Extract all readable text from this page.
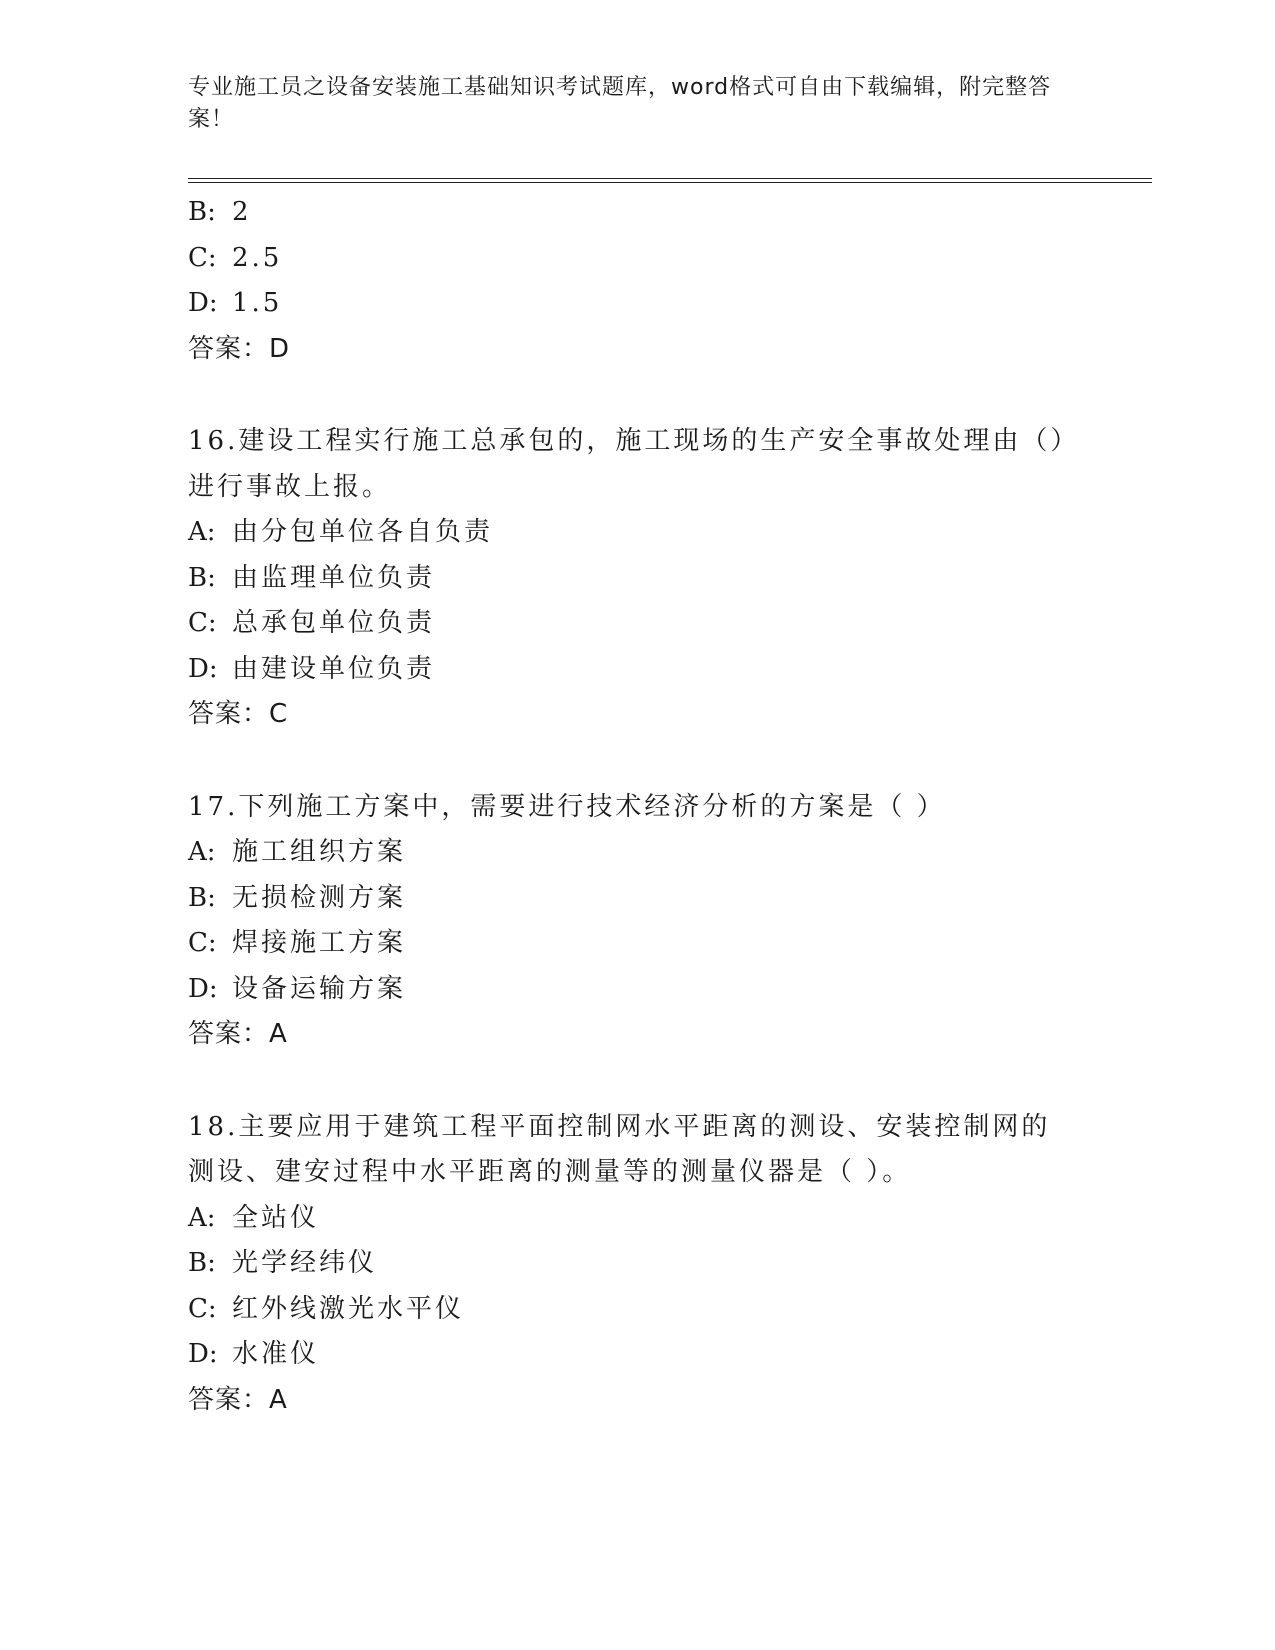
专业施工员之设备安装施工基础知识考试题库，word格式可自由下载编辑，附完整答案！
B: 2
C: 2.5
D: 1.5
答案：D
16.建设工程实行施工总承包的，施工现场的生产安全事故处理由（）进行事故上报。
A: 由分包单位各自负责
B: 由监理单位负责
C: 总承包单位负责
D: 由建设单位负责
答案：C
17.下列施工方案中，需要进行技术经济分析的方案是（ ）
A: 施工组织方案
B: 无损检测方案
C: 焊接施工方案
D: 设备运输方案
答案：A
18.主要应用于建筑工程平面控制网水平距离的测设、安装控制网的测设、建安过程中水平距离的测量等的测量仪器是（ ）。
A: 全站仪
B: 光学经纬仪
C: 红外线激光水平仪
D: 水准仪
答案：A
